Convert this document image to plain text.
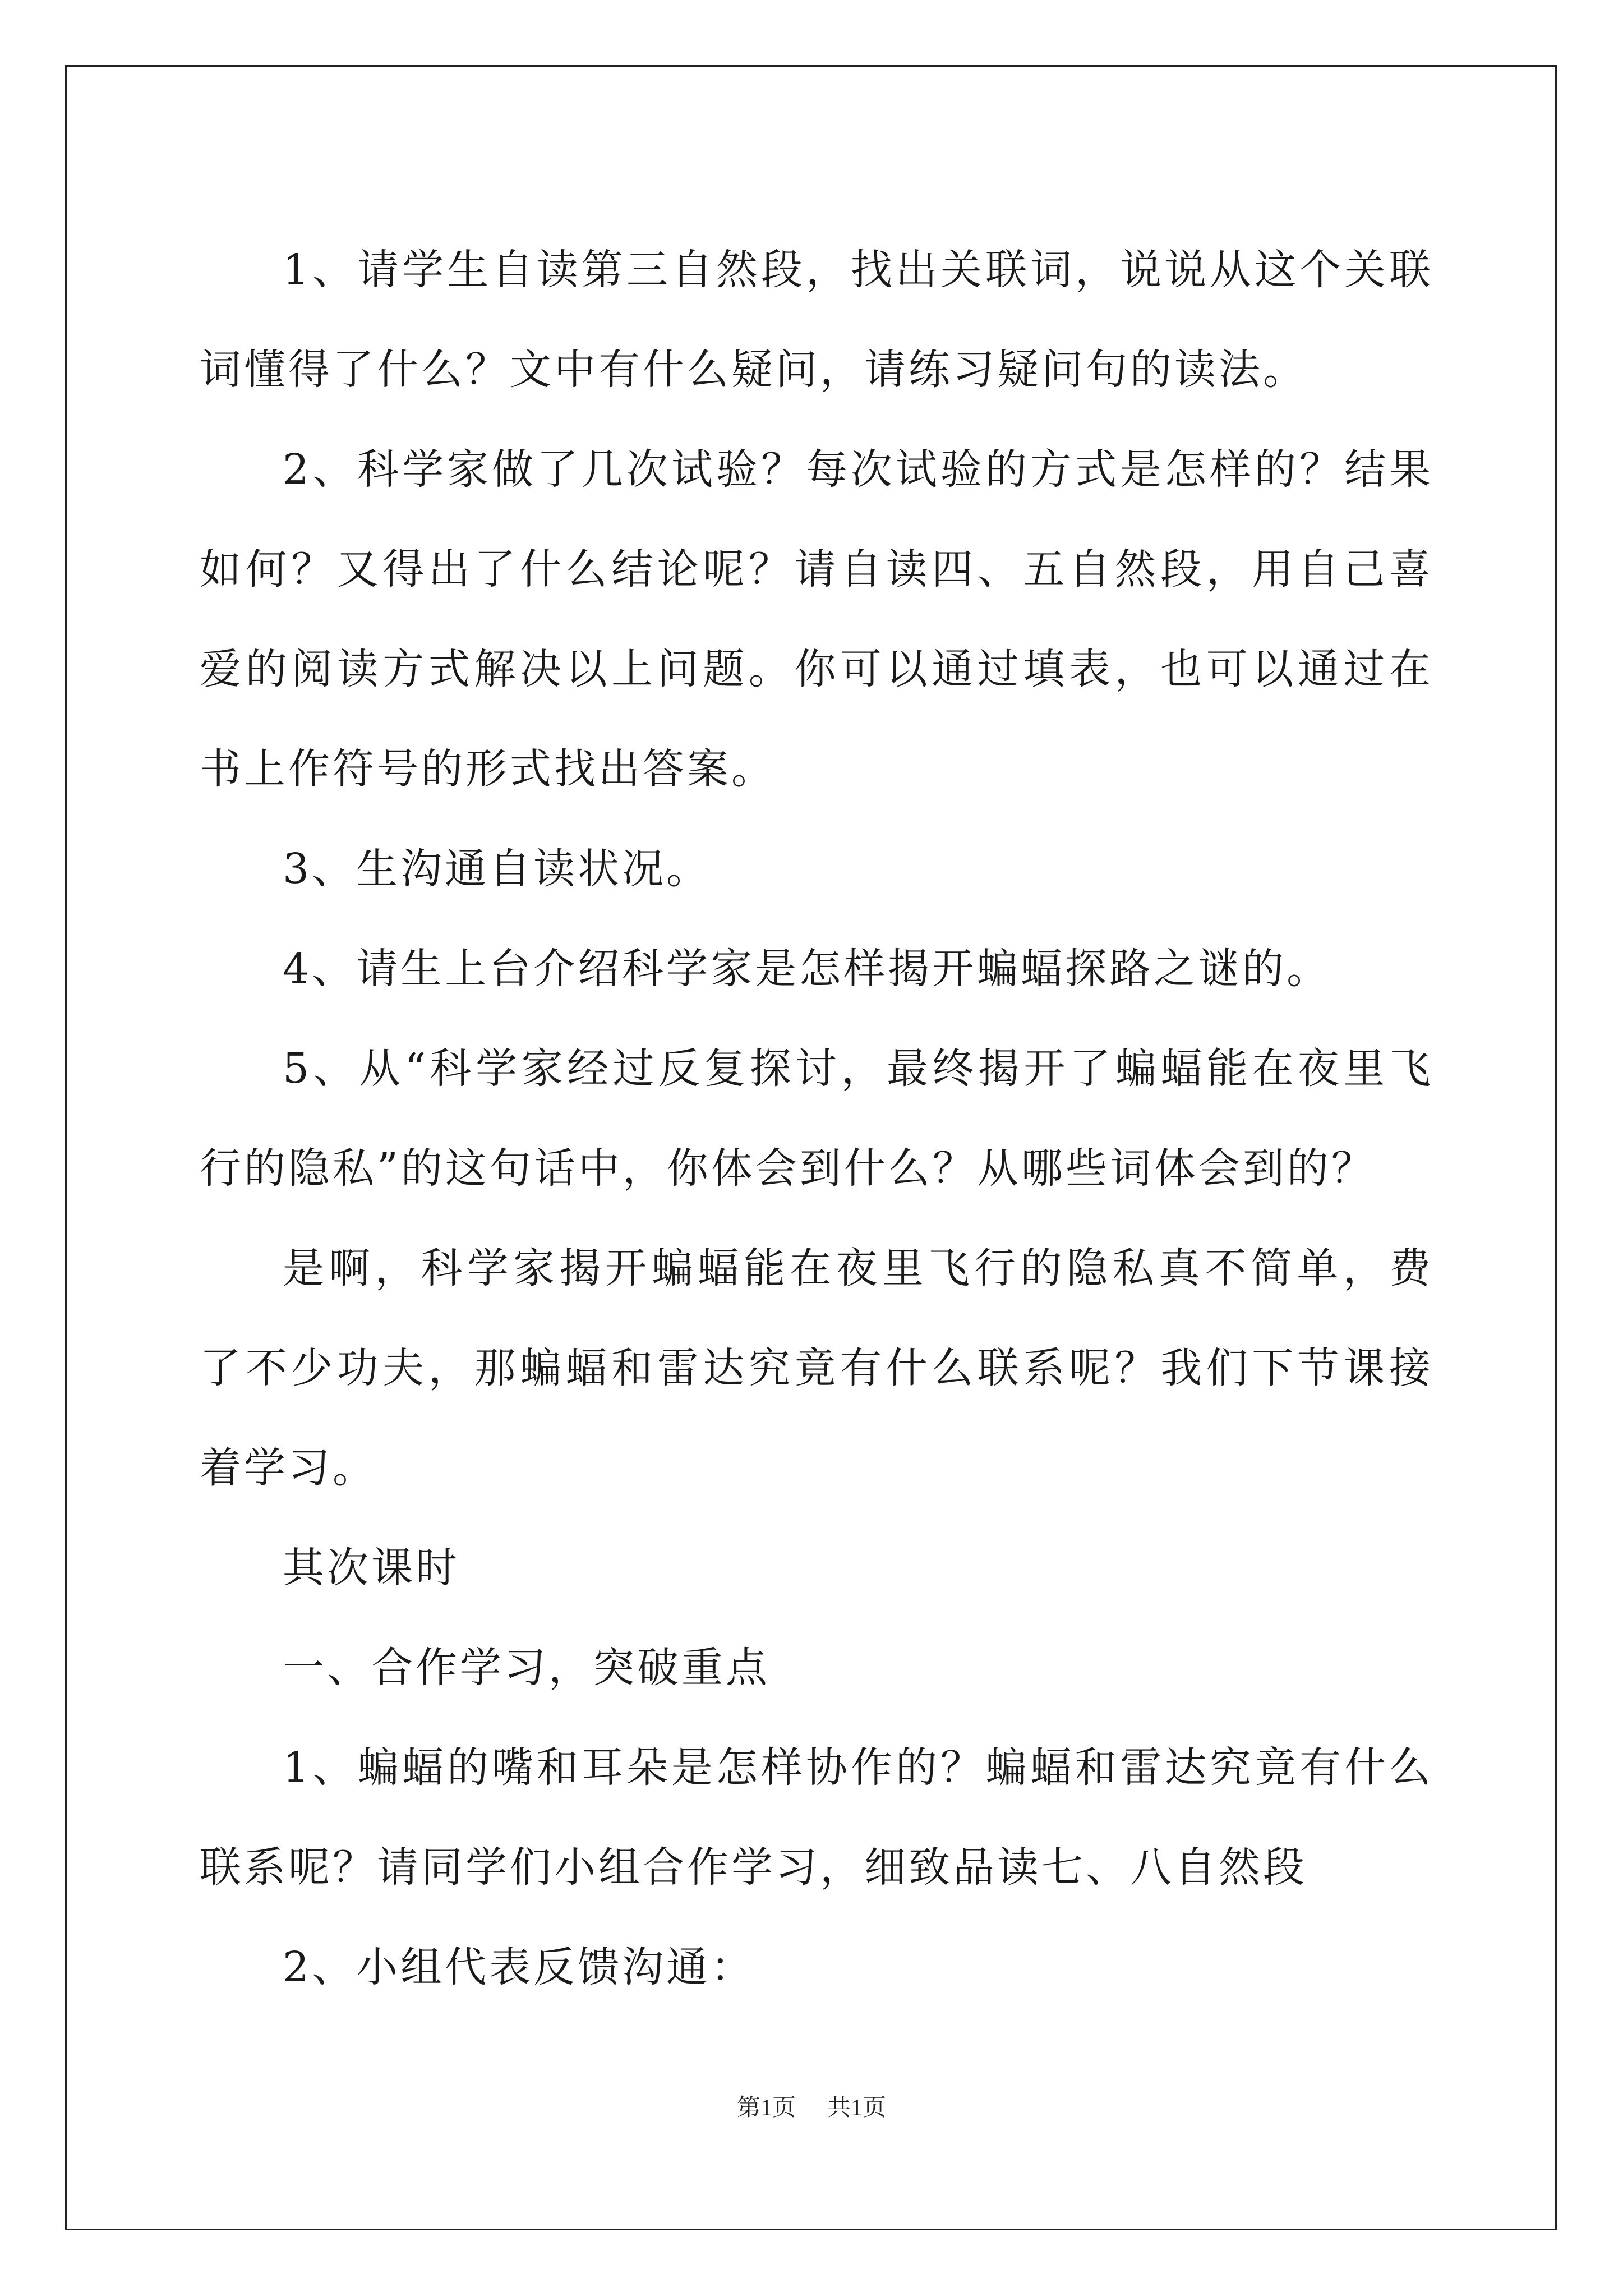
1、请学生自读第三自然段，找出关联词，说说从这个关联词懂得了什么？文中有什么疑问，请练习疑问句的读法。

2、科学家做了几次试验？每次试验的方式是怎样的？结果如何？又得出了什么结论呢？请自读四、五自然段，用自己喜爱的阅读方式解决以上问题。你可以通过填表，也可以通过在书上作符号的形式找出答案。

3、生沟通自读状况。

4、请生上台介绍科学家是怎样揭开蝙蝠探路之谜的。

5、从“科学家经过反复探讨，最终揭开了蝙蝠能在夜里飞行的隐私”的这句话中，你体会到什么？从哪些词体会到的？

是啊，科学家揭开蝙蝠能在夜里飞行的隐私真不简单，费了不少功夫，那蝙蝠和雷达究竟有什么联系呢？我们下节课接着学习。

其次课时

一、合作学习，突破重点

1、蝙蝠的嘴和耳朵是怎样协作的？蝙蝠和雷达究竟有什么联系呢？请同学们小组合作学习，细致品读七、八自然段

2、小组代表反馈沟通：

第1页 共1页
